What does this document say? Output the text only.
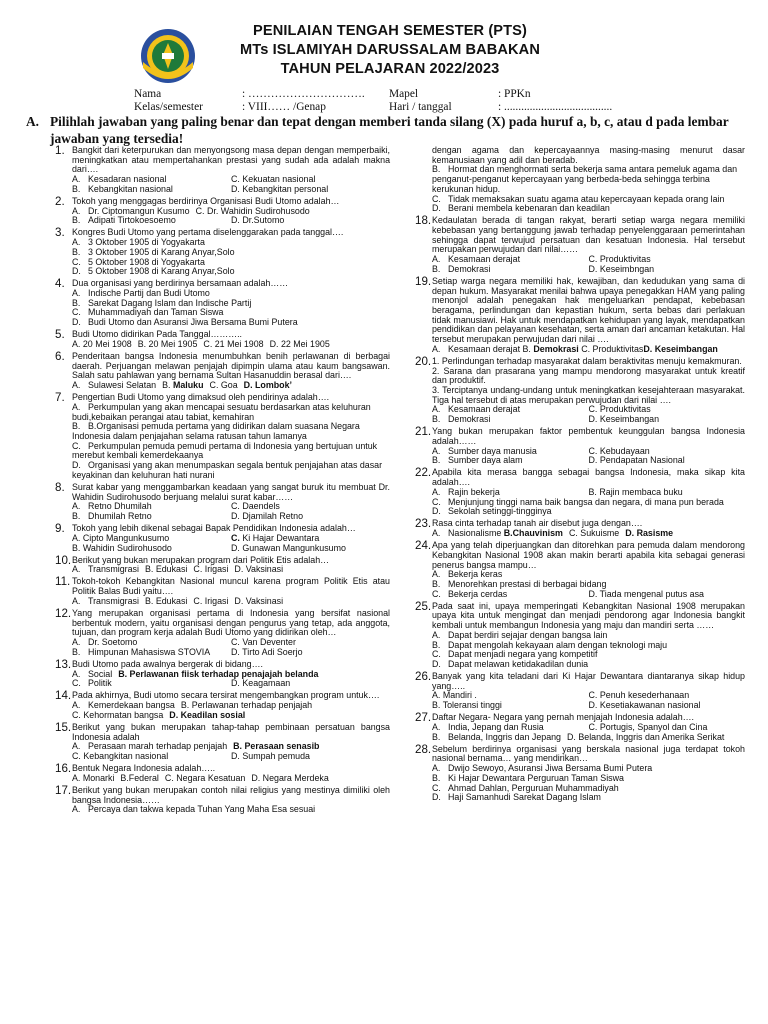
PENILAIAN TENGAH SEMESTER (PTS)
MTs ISLAMIYAH DARUSSALAM BABAKAN
TAHUN PELAJARAN 2022/2023
Nama	: …………………………. Mapel	: PPKn
Kelas/semester	: VIII…… /Genap	Hari / tanggal	: ......................................
A. Pilihlah jawaban yang paling benar dan tepat dengan memberi tanda silang (X) pada huruf a, b, c, atau d pada lembar jawaban yang tersedia!
1. Bangkit dari keterpurukan dan menyongsong masa depan dengan memperbaiki, meningkatkan atau mempertahankan prestasi yang sudah ada adalah makna dari….
A. Kesadaran nasional	C. Kekuatan nasional
B. Kebangkitan nasional	D. Kebangkitan personal
2. Tokoh yang menggagas berdirinya Organisasi Budi Utomo adalah…
A. Dr. Ciptomangun Kusumo C. Dr. Wahidin Sudirohusodo
B. Adipati Tirtokoesoemo	D. Dr.Sutomo
3. Kongres Budi Utomo yang pertama diselenggarakan pada tanggal….
A. 3 Oktober 1905 di Yogyakarta
B. 3 Oktober 1905 di Karang Anyar,Solo
C. 5 Oktober 1908 di Yogyakarta
D. 5 Oktober 1908 di Karang Anyar,Solo
4. Dua organisasi yang berdirinya bersamaan adalah……
A. Indische Partij dan Budi Utomo
B. Sarekat Dagang Islam dan Indische Partij
C. Muhammadiyah dan Taman Siswa
D. Budi Utomo dan Asuransi Jiwa Bersama Bumi Putera
5. Budi Utomo didirikan Pada Tanggal………..
A. 20 Mei 1908 B. 20 Mei 1905 C. 21 Mei 1908 D. 22 Mei 1905
6. Penderitaan bangsa Indonesia menumbuhkan benih perlawanan di berbagai daerah. Perjuangan melawan penjajah dipimpin ulama atau kaum bangsawan. Salah satu pahlawan yang bernama Sultan Hasanuddin berasal dari….
A. Sulawesi Selatan B. Maluku C. Goa D. Lombok’
7. Pengertian Budi Utomo yang dimaksud oleh pendirinya adalah….
A. Perkumpulan yang akan mencapai sesuatu berdasarkan atas keluhuran budi,kebaikan perangai atau tabiat, kemahiran
B. B.Organisasi pemuda pertama yang didirikan dalam suasana Negara Indonesia dalam penjajahan selama ratusan tahun lamanya
C. Perkumpulan pemuda pemudi pertama di Indonesia yang bertujuan untuk merebut kembali kemerdekaanya
D. Organisasi yang akan menumpaskan segala bentuk penjajahan atas dasar keyakinan dan keluhuran hati nurani
8. Surat kabar yang menggambarkan keadaan yang sangat buruk itu membuat Dr. Wahidin Sudirohusodo berjuang melalui surat kabar……
A. Retno Dhumilah	C. Daendels
B. Dhumilah Retno	D. Djamilah Retno
9. Tokoh yang lebih dikenal sebagai Bapak Pendidikan Indonesia adalah…
A. Cipto Mangunkusumo	C. Ki Hajar Dewantara
B. Wahidin Sudirohusodo	D. Gunawan Mangunkusumo
10. Berikut yang bukan merupakan program dari Politik Etis adalah…
A. Transmigrasi B. Edukasi C. Irigasi D. Vaksinasi
11. Tokoh-tokoh Kebangkitan Nasional muncul karena program Politik Etis atau Politik Balas Budi yaitu….
A. Transmigrasi B. Edukasi C. Irigasi D. Vaksinasi
12. Yang merupakan organisasi pertama di Indonesia yang bersifat nasional berbentuk modern, yaitu organisasi dengan pengurus yang tetap, ada anggota, tujuan, dan program kerja adalah Budi Utomo yang didirikan oleh…
A. Dr. Soetomo	C. Van Deventer
B. Himpunan Mahasiswa STOVIA	D. Tirto Adi Soerjo
13. Budi Utomo pada awalnya bergerak di bidang….
A. Social B. Perlawanan fiisk terhadap penajajah belanda
C. Politik	D. Keagamaan
14. Pada akhirnya, Budi utomo secara tersirat mengembangkan program untuk….
A. Kemerdekaan bangsa B. Perlawanan terhadap penjajah
C. Kehormatan bangsa D. Keadilan sosial
15. Berikut yang bukan merupakan tahap-tahap pembinaan persatuan bangsa Indonesia adalah
A. Perasaan marah terhadap penjajah B. Perasaan senasib
C. Kebangkitan nasional	D. Sumpah pemuda
16. Bentuk Negara Indonesia adalah…..
A. Monarki B.Federal C. Negara Kesatuan D. Negara Merdeka
17. Berikut yang bukan merupakan contoh nilai religius yang mestinya dimiliki oleh bangsa Indonesia……
A. Percaya dan takwa kepada Tuhan Yang Maha Esa sesuai
dengan agama dan kepercayaannya masing-masing menurut dasar kemanusiaan yang adil dan beradab.
B. Hormat dan menghormati serta bekerja sama antara pemeluk agama dan penganut-penganut kepercayaan yang berbeda-beda sehingga terbina kerukunan hidup.
C. Tidak memaksakan suatu agama atau kepercayaan kepada orang lain
D. Berani membela kebenaran dan keadilan
18. Kedaulatan berada di tangan rakyat, berarti setiap warga negara memiliki kebebasan yang bertanggung jawab terhadap penyelenggaraan pemerintahan sehingga dapat terwujud persatuan dan kesatuan Indonesia. Hal tersebut merupakan perwujudan dari nilai……
A. Kesamaan derajat	C. Produktivitas
B. Demokrasi	D. Keseimbngan
19. Setiap warga negara memiliki hak, kewajiban, dan kedudukan yang sama di depan hukum. Masyarakat menilai bahwa upaya penegakkan HAM yang paling menonjol adalah penegakan hak mengeluarkan pendapat, kebebasan beragama, perlindungan dan kepastian hukum, serta bebas dari perlakuan tidak manusiawi. Hak untuk mendapatkan kehidupan yang layak, mendapatkan pendidikan dan pelayanan kesehatan, serta aman dari ancaman ketakutan. Hal tersebut merupakan perwujudan dari nilai ….
A. Kesamaan derajat B. Demokrasi C. ProduktivitasD. Keseimbangan
20. 1. Perlindungan terhadap masyarakat dalam beraktivitas menuju kemakmuran.
2. Sarana dan prasarana yang mampu mendorong masyarakat untuk kreatif dan produktif.
3. Terciptanya undang-undang untuk meningkatkan kesejahteraan masyarakat. Tiga hal tersebut di atas merupakan perwujudan dari nilai ….
A. Kesamaan derajat	C. Produktivitas
B. Demokrasi	D. Keseimbangan
21. Yang bukan merupakan faktor pembentuk keunggulan bangsa Indonesia adalah……
A. Sumber daya manusia	C. Kebudayaan
B. Sumber daya alam	D. Pendapatan Nasional
22. Apabila kita merasa bangga sebagai bangsa Indonesia, maka sikap kita adalah….
A. Rajin bekerja	B. Rajin membaca buku
C. Menjunjung tinggi nama baik bangsa dan negara, di mana pun berada
D. Sekolah setinggi-tingginya
23. Rasa cinta terhadap tanah air disebut juga dengan….
A. Nasionalisme B.Chauvinism C. Sukuisme D. Rasisme
24. Apa yang telah diperjuangkan dan ditorehkan para pemuda dalam mendorong Kebangkitan Nasional 1908 akan makin berarti apabila kita sebagai generasi penerus bangsa mampu…
A. Bekerja keras
B. Menorehkan prestasi di berbagai bidang
C. Bekerja cerdas	D. Tiada mengenal putus asa
25. Pada saat ini, upaya memperingati Kebangkitan Nasional 1908 merupakan upaya kita untuk mengingat dan menjadi pendorong agar Indonesia bangkit kembali untuk membangun Indonesia yang maju dan mandiri serta ……
A. Dapat berdiri sejajar dengan bangsa lain
B. Dapat mengolah kekayaan alam dengan teknologi maju
C. Dapat menjadi negara yang kompetitif
D. Dapat melawan ketidakadilan dunia
26. Banyak yang kita teladani dari Ki Hajar Dewantara diantaranya sikap hidup yang…..
A. Mandiri .	C. Penuh kesederhanaan
B. Toleransi tinggi	D. Kesetiakawanan nasional
27. Daftar Negara- Negara yang pernah menjajah Indonesia adalah….
A. India, Jepang dan Rusia	C. Portugis, Spanyol dan Cina
B. Belanda, Inggris dan Jepang D. Belanda, Inggris dan Amerika Serikat
28. Sebelum berdirinya organisasi yang berskala nasional juga terdapat tokoh nasional bernama… yang mendirikan…
A. Dwijo Sewoyo, Asuransi Jiwa Bersama Bumi Putera
B. Ki Hajar Dewantara Perguruan Taman Siswa
C. Ahmad Dahlan, Perguruan Muhammadiyah
D. Haji Samanhudi Sarekat Dagang Islam
